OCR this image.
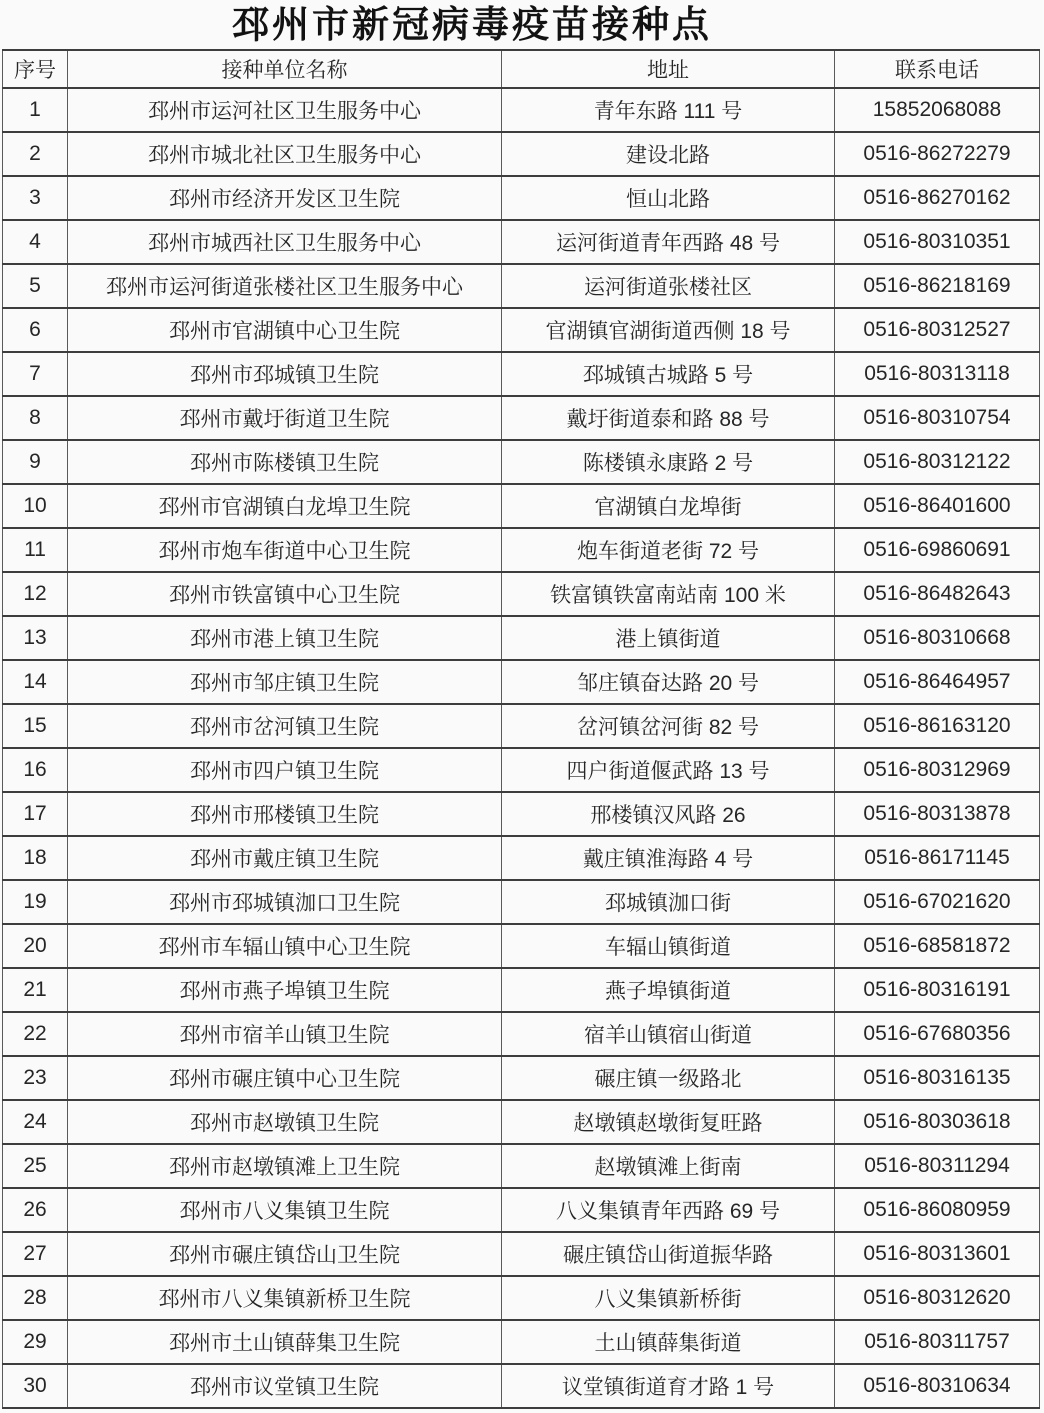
邳州市新冠病毒疫苗接种点
序号	接种单位名称	地址	联系电话
1	邳州市运河社区卫生服务中心	青年东路 111 号	15852068088
2	邳州市城北社区卫生服务中心	建设北路	0516-86272279
3	邳州市经济开发区卫生院	恒山北路	0516-86270162
4	邳州市城西社区卫生服务中心	运河街道青年西路 48 号	0516-80310351
5	邳州市运河街道张楼社区卫生服务中心	运河街道张楼社区	0516-86218169
6	邳州市官湖镇中心卫生院	官湖镇官湖街道西侧 18 号	0516-80312527
7	邳州市邳城镇卫生院	邳城镇古城路 5 号	0516-80313118
8	邳州市戴圩街道卫生院	戴圩街道泰和路 88 号	0516-80310754
9	邳州市陈楼镇卫生院	陈楼镇永康路 2 号	0516-80312122
10	邳州市官湖镇白龙埠卫生院	官湖镇白龙埠街	0516-86401600
11	邳州市炮车街道中心卫生院	炮车街道老街 72 号	0516-69860691
12	邳州市铁富镇中心卫生院	铁富镇铁富南站南 100 米	0516-86482643
13	邳州市港上镇卫生院	港上镇街道	0516-80310668
14	邳州市邹庄镇卫生院	邹庄镇奋达路 20 号	0516-86464957
15	邳州市岔河镇卫生院	岔河镇岔河街 82 号	0516-86163120
16	邳州市四户镇卫生院	四户街道偃武路 13 号	0516-80312969
17	邳州市邢楼镇卫生院	邢楼镇汉风路 26	0516-80313878
18	邳州市戴庄镇卫生院	戴庄镇淮海路 4 号	0516-86171145
19	邳州市邳城镇泇口卫生院	邳城镇泇口街	0516-67021620
20	邳州市车辐山镇中心卫生院	车辐山镇街道	0516-68581872
21	邳州市燕子埠镇卫生院	燕子埠镇街道	0516-80316191
22	邳州市宿羊山镇卫生院	宿羊山镇宿山街道	0516-67680356
23	邳州市碾庄镇中心卫生院	碾庄镇一级路北	0516-80316135
24	邳州市赵墩镇卫生院	赵墩镇赵墩街复旺路	0516-80303618
25	邳州市赵墩镇滩上卫生院	赵墩镇滩上街南	0516-80311294
26	邳州市八义集镇卫生院	八义集镇青年西路 69 号	0516-86080959
27	邳州市碾庄镇岱山卫生院	碾庄镇岱山街道振华路	0516-80313601
28	邳州市八义集镇新桥卫生院	八义集镇新桥街	0516-80312620
29	邳州市土山镇薛集卫生院	土山镇薛集街道	0516-80311757
30	邳州市议堂镇卫生院	议堂镇街道育才路 1 号	0516-80310634
